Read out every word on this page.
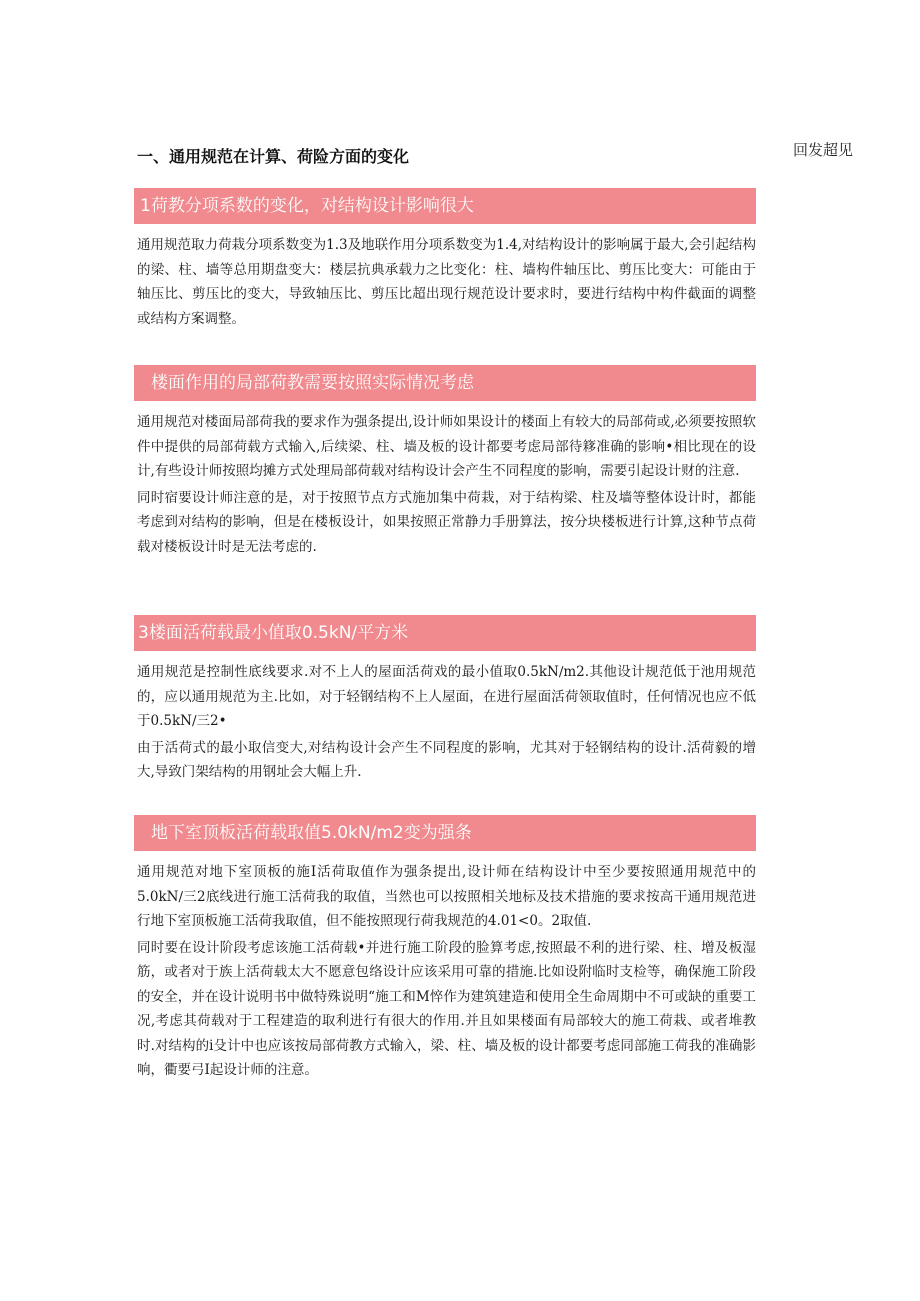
一、通用规范在计算、荷险方面的变化	回发超见
1荷教分项系数的变化，对结构设计影响很大

通用规范取力荷栽分项系数变为1.3及地联作用分项系数变为1.4,对结构设计的影响属于最大,会引起结构的梁、柱、墙等总用期盘变大：楼层抗典承载力之比变化：柱、墙构件轴压比、剪压比变大：可能由于轴压比、剪压比的变大，导致轴压比、剪压比超出现行规范设计要求时，要进行结构中构件截面的调整或结构方案调整。

楼面作用的局部荷教需要按照实际情况考虑

通用规范对楼面局部荷我的要求作为强条提出,设计师如果设计的楼面上有较大的局部荷或,必须要按照软件中提供的局部荷载方式输入,后续梁、柱、墙及板的设计都要考虑局部待簃准确的影响•相比现在的设计,有些设计师按照均摊方式处理局部荷载对结构设计会产生不同程度的影响，需要引起设计财的注意.

同时宿要设计师注意的是，对于按照节点方式施加集中荷栽，对于结构梁、柱及墙等整体设计时，都能考虑到对结构的影响，但是在楼板设计，如果按照正常静力手册算法，按分块楼板进行计算,这种节点荷载对楼板设计时是无法考虑的.

3楼面活荷载最小值取0.5kN∕平方米

通用规范是控制性底线要求.对不上人的屋面活荷戏的最小值取0.5kN∕m2.其他设计规范低于池用规范的，应以通用规范为主.比如，对于轻钢结构不上人屋面，在进行屋面活荷领取值时，任何情况也应不低于0.5kN∕三2•

由于活荷式的最小取信变大,对结构设计会产生不同程度的影响，尤其对于轻钢结构的设计.活荷毅的增大,导致门架结构的用钢址会大幅上升.

地下室顶板活荷载取值5.0kN∕m2变为强条

通用规范对地下室顶板的施I活荷取值作为强条提出,设计师在结构设计中至少要按照通用规范中的5.0kN∕三2底线进行施工活荷我的取值，当然也可以按照相关地标及技术措施的要求按高干通用规范进行地下室顶板施工活荷我取值，但不能按照现行荷我规范的4.01<0。2取值.

同时要在设计阶段考虑该施工活荷载•并进行施工阶段的脸算考虑,按照最不利的进行梁、柱、增及板湿筋，或者对于族上活荷载太大不愿意包络设计应该采用可靠的措施.比如设附临时支检等，确保施工阶段的安全，并在设计说明书中做特殊说明“施工和M悴作为建筑建造和使用全生命周期中不可或缺的重要工况,考虑其荷载对于工程建造的取利进行有很大的作用.并且如果楼面有局部较大的施工荷栽、或者堆教时.对结构的i殳计中也应该按局部荷教方式输入，梁、柱、墙及板的设计都要考虑同部施工荷我的准确影响，衢要弓I起设计师的注意。
